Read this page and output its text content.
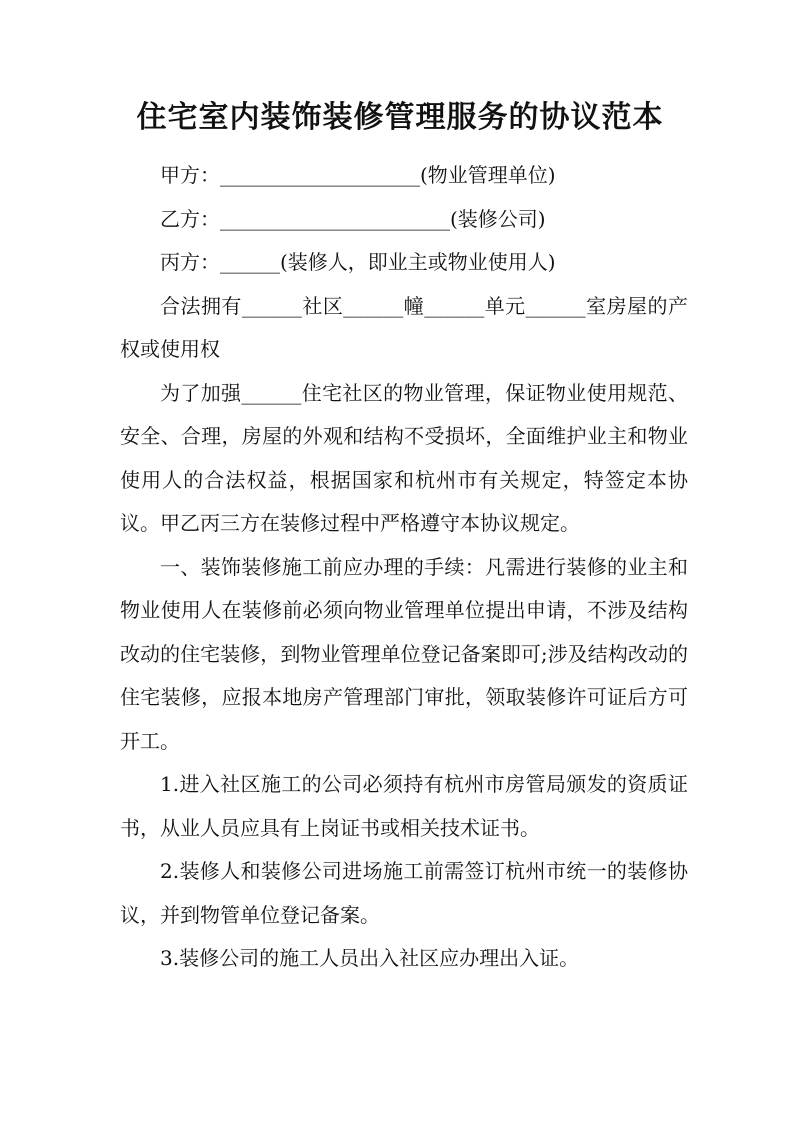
住宅室内装饰装修管理服务的协议范本

甲方：____________________(物业管理单位)

乙方：_______________________(装修公司)

丙方：______(装修人，即业主或物业使用人)

合法拥有______社区______幢______单元______室房屋的产权或使用权

为了加强______住宅社区的物业管理，保证物业使用规范、安全、合理，房屋的外观和结构不受损坏，全面维护业主和物业使用人的合法权益，根据国家和杭州市有关规定，特签定本协议。甲乙丙三方在装修过程中严格遵守本协议规定。

一、装饰装修施工前应办理的手续：凡需进行装修的业主和物业使用人在装修前必须向物业管理单位提出申请，不涉及结构改动的住宅装修，到物业管理单位登记备案即可;涉及结构改动的住宅装修，应报本地房产管理部门审批，领取装修许可证后方可开工。

1.进入社区施工的公司必须持有杭州市房管局颁发的资质证书，从业人员应具有上岗证书或相关技术证书。

2.装修人和装修公司进场施工前需签订杭州市统一的装修协议，并到物管单位登记备案。

3.装修公司的施工人员出入社区应办理出入证。
